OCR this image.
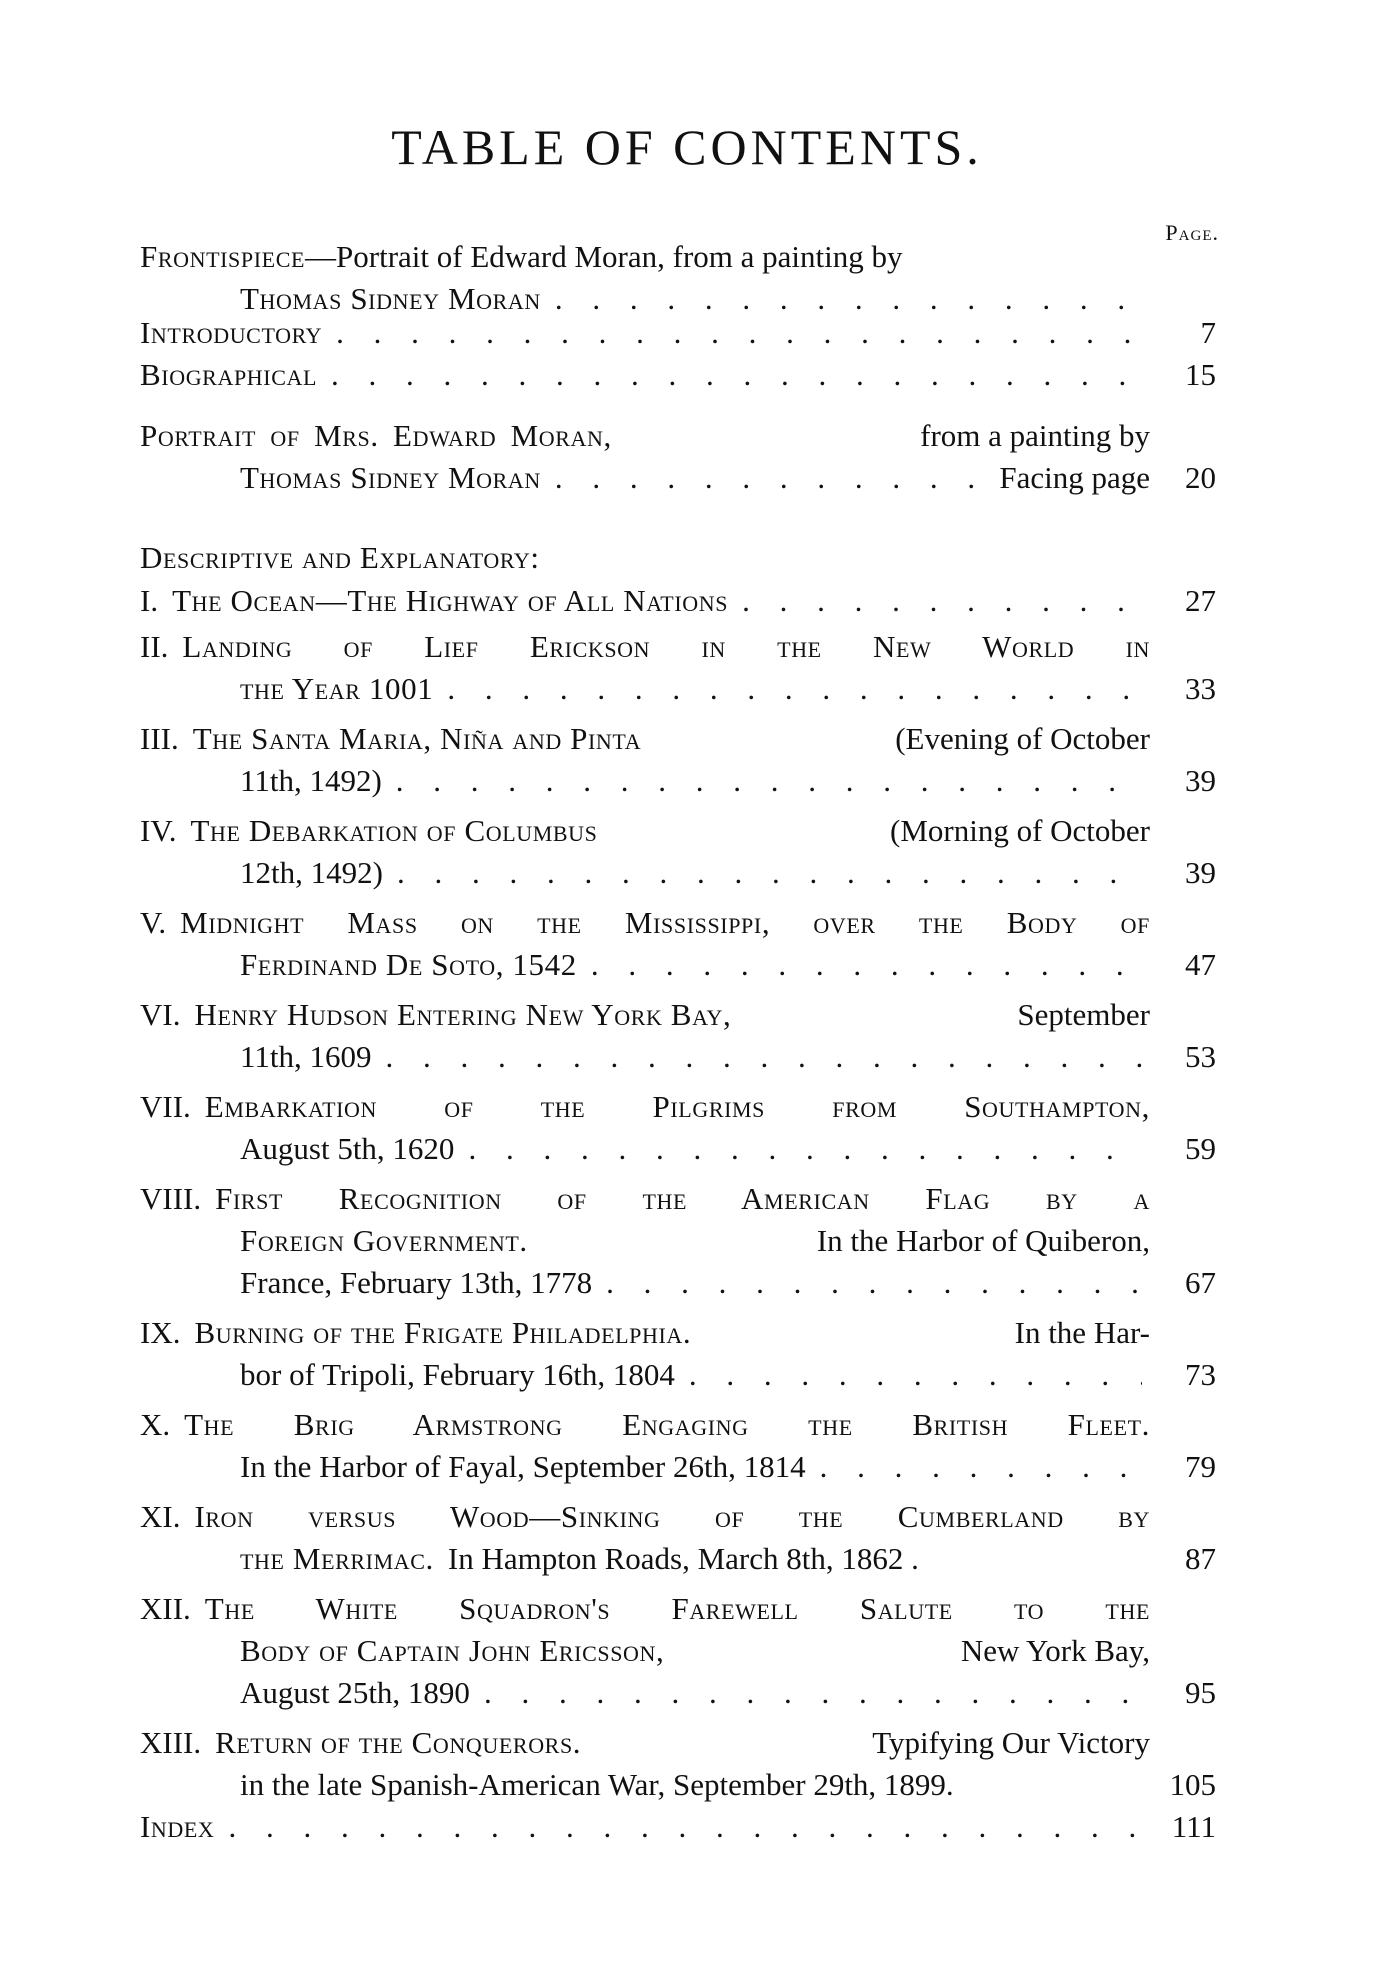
TABLE OF CONTENTS.
Page.
Frontispiece —Portrait of Edward Moran, from a painting by
Thomas Sidney Moran
. . .
Introductory . . .	7
Biographical . . .	15
Portrait of Mrs. Edward Moran,	from a painting by
Thomas Sidney Moran . . .	Facing page	20
Descriptive and Explanatory:
I. The Ocean—The Highway of All Nations . . .	27
II. Landing of Lief Erickson in the New World in
the Year 1001 . . .	33
III. The Santa Maria, Niña and Pinta	(Evening of October
11th, 1492) . . .	39
IV. The Debarkation of Columbus	(Morning of October
12th, 1492) . . .	39
V. Midnight Mass on the Mississippi, over the Body of
Ferdinand De Soto, 1542 . . .	47
VI. Henry Hudson Entering New York Bay,	September
11th, 1609 . . .	53
VII. Embarkation of the Pilgrims from Southampton,
August 5th, 1620 . . .	59
VIII. First Recognition of the American Flag by a
Foreign Government.	In the Harbor of Quiberon,
France, February 13th, 1778 . . .	67
IX. Burning of the Frigate Philadelphia.	In the Har-
bor of Tripoli, February 16th, 1804 . . .	73
X. The Brig Armstrong Engaging the British Fleet.
In the Harbor of Fayal, September 26th, 1814 . . .	79
XI. Iron versus Wood—Sinking of the Cumberland by
the Merrimac. In Hampton Roads, March 8th, 1862 .	87
XII. The White Squadron's Farewell Salute to the
Body of Captain John Ericsson,	New York Bay,
August 25th, 1890 . . .	95
XIII. Return of the Conquerors.	Typifying Our Victory
in the late Spanish-American War, September 29th, 1899.	105
Index . . .	111
